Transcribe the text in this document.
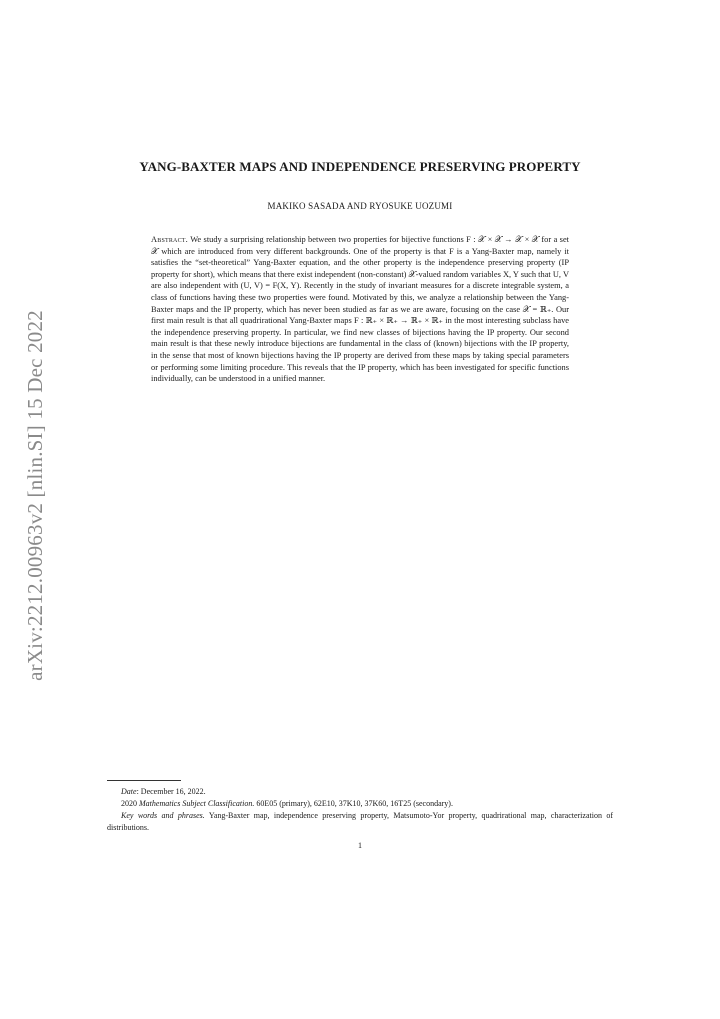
arXiv:2212.00963v2 [nlin.SI] 15 Dec 2022
YANG-BAXTER MAPS AND INDEPENDENCE PRESERVING PROPERTY
MAKIKO SASADA AND RYOSUKE UOZUMI
Abstract. We study a surprising relationship between two properties for bijective functions F : 𝒳 × 𝒳 → 𝒳 × 𝒳 for a set 𝒳 which are introduced from very different backgrounds. One of the property is that F is a Yang-Baxter map, namely it satisfies the “set-theoretical” Yang-Baxter equation, and the other property is the independence preserving property (IP property for short), which means that there exist independent (non-constant) 𝒳-valued random variables X, Y such that U, V are also independent with (U, V) = F(X, Y). Recently in the study of invariant measures for a discrete integrable system, a class of functions having these two properties were found. Motivated by this, we analyze a relationship between the Yang-Baxter maps and the IP property, which has never been studied as far as we are aware, focusing on the case 𝒳 = ℝ₊. Our first main result is that all quadrirational Yang-Baxter maps F : ℝ₊ × ℝ₊ → ℝ₊ × ℝ₊ in the most interesting subclass have the independence preserving property. In particular, we find new classes of bijections having the IP property. Our second main result is that these newly introduce bijections are fundamental in the class of (known) bijections with the IP property, in the sense that most of known bijections having the IP property are derived from these maps by taking special parameters or performing some limiting procedure. This reveals that the IP property, which has been investigated for specific functions individually, can be understood in a unified manner.

Date: December 16, 2022.

2020 Mathematics Subject Classification. 60E05 (primary), 62E10, 37K10, 37K60, 16T25 (secondary).

Key words and phrases. Yang-Baxter map, independence preserving property, Matsumoto-Yor property, quadrirational map, characterization of distributions.

1
